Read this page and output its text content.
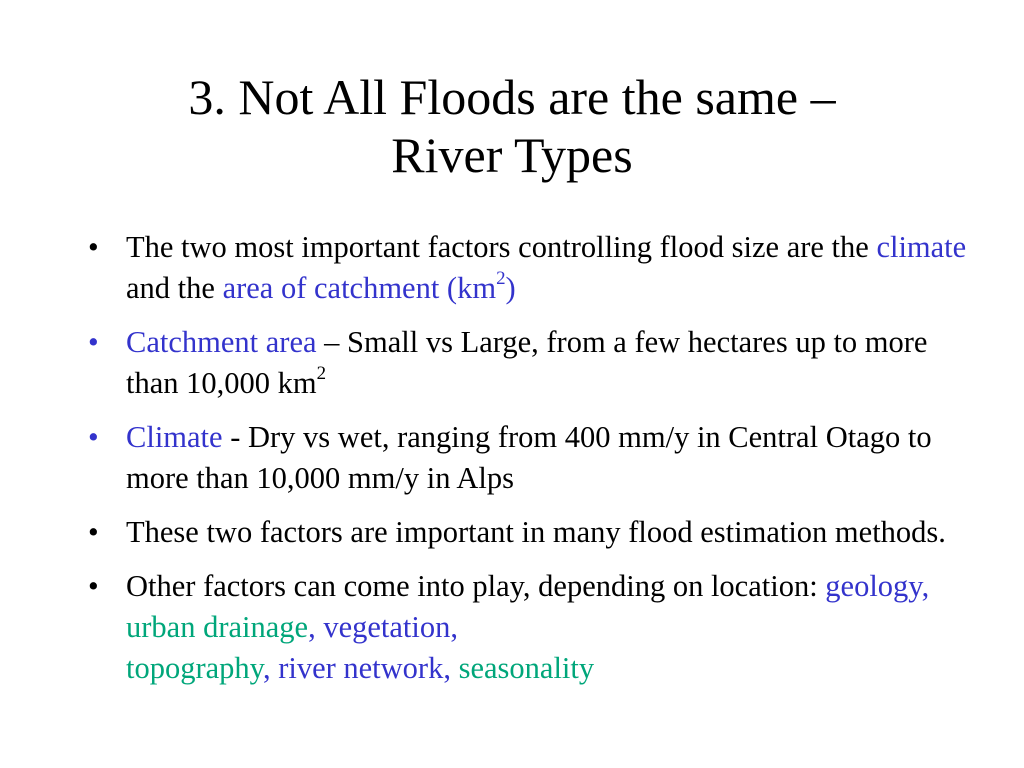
3. Not All Floods are the same –
River Types
• The two most important factors controlling flood size are the climate and the area of catchment $(km^2)$
• Catchment area – Small vs Large, from a few hectares up to more than 10,000 $km^2$
• Climate - Dry vs wet, ranging from 400 mm/y in Central Otago to more than 10,000 mm/y in Alps
• These two factors are important in many flood estimation methods.
• Other factors can come into play, depending on location: geology, urban drainage, vegetation,
topography, river network, seasonality
